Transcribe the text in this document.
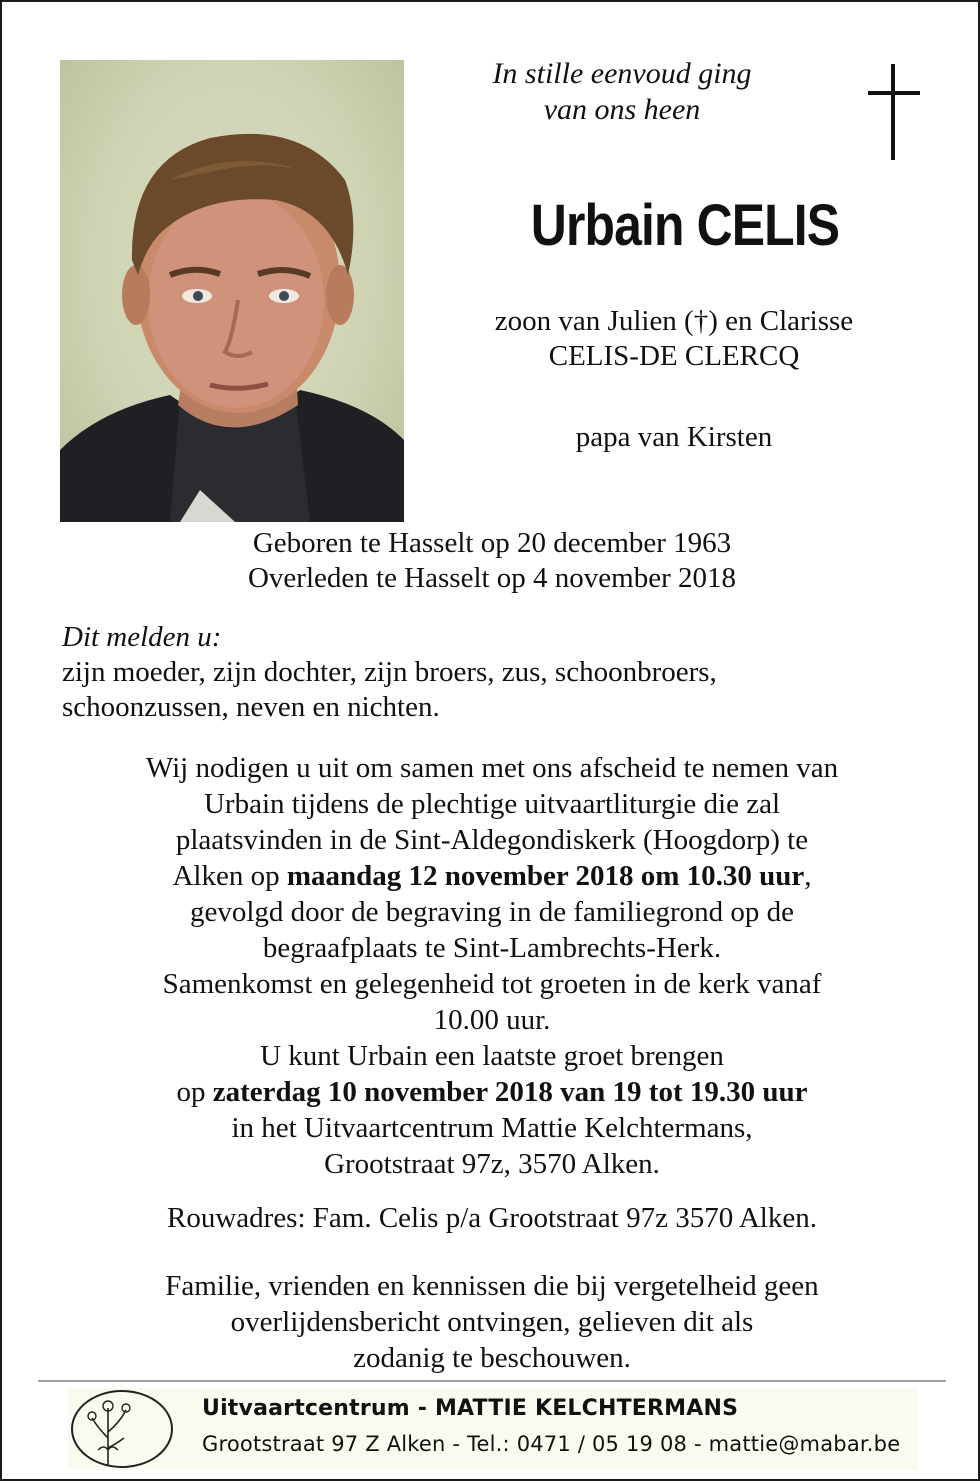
In stille eenvoud ging
van ons heen
Urbain CELIS
zoon van Julien (†) en Clarisse
CELIS-DE CLERCQ
papa van Kirsten
Geboren te Hasselt op 20 december 1963
Overleden te Hasselt op 4 november 2018
Dit melden u:
zijn moeder, zijn dochter, zijn broers, zus, schoonbroers,
schoonzussen, neven en nichten.
Wij nodigen u uit om samen met ons afscheid te nemen van
Urbain tijdens de plechtige uitvaartliturgie die zal
plaatsvinden in de Sint-Aldegondiskerk (Hoogdorp) te
Alken op maandag 12 november 2018 om 10.30 uur,
gevolgd door de begraving in de familiegrond op de
begraafplaats te Sint-Lambrechts-Herk.
Samenkomst en gelegenheid tot groeten in de kerk vanaf
10.00 uur.
U kunt Urbain een laatste groet brengen
op zaterdag 10 november 2018 van 19 tot 19.30 uur
in het Uitvaartcentrum Mattie Kelchtermans,
Grootstraat 97z, 3570 Alken.
Rouwadres: Fam. Celis p/a Grootstraat 97z 3570 Alken.
Familie, vrienden en kennissen die bij vergetelheid geen
overlijdensbericht ontvingen, gelieven dit als
zodanig te beschouwen.
Uitvaartcentrum - MATTIE KELCHTERMANS
Grootstraat 97 Z Alken - Tel.: 0471 / 05 19 08 - mattie@mabar.be
